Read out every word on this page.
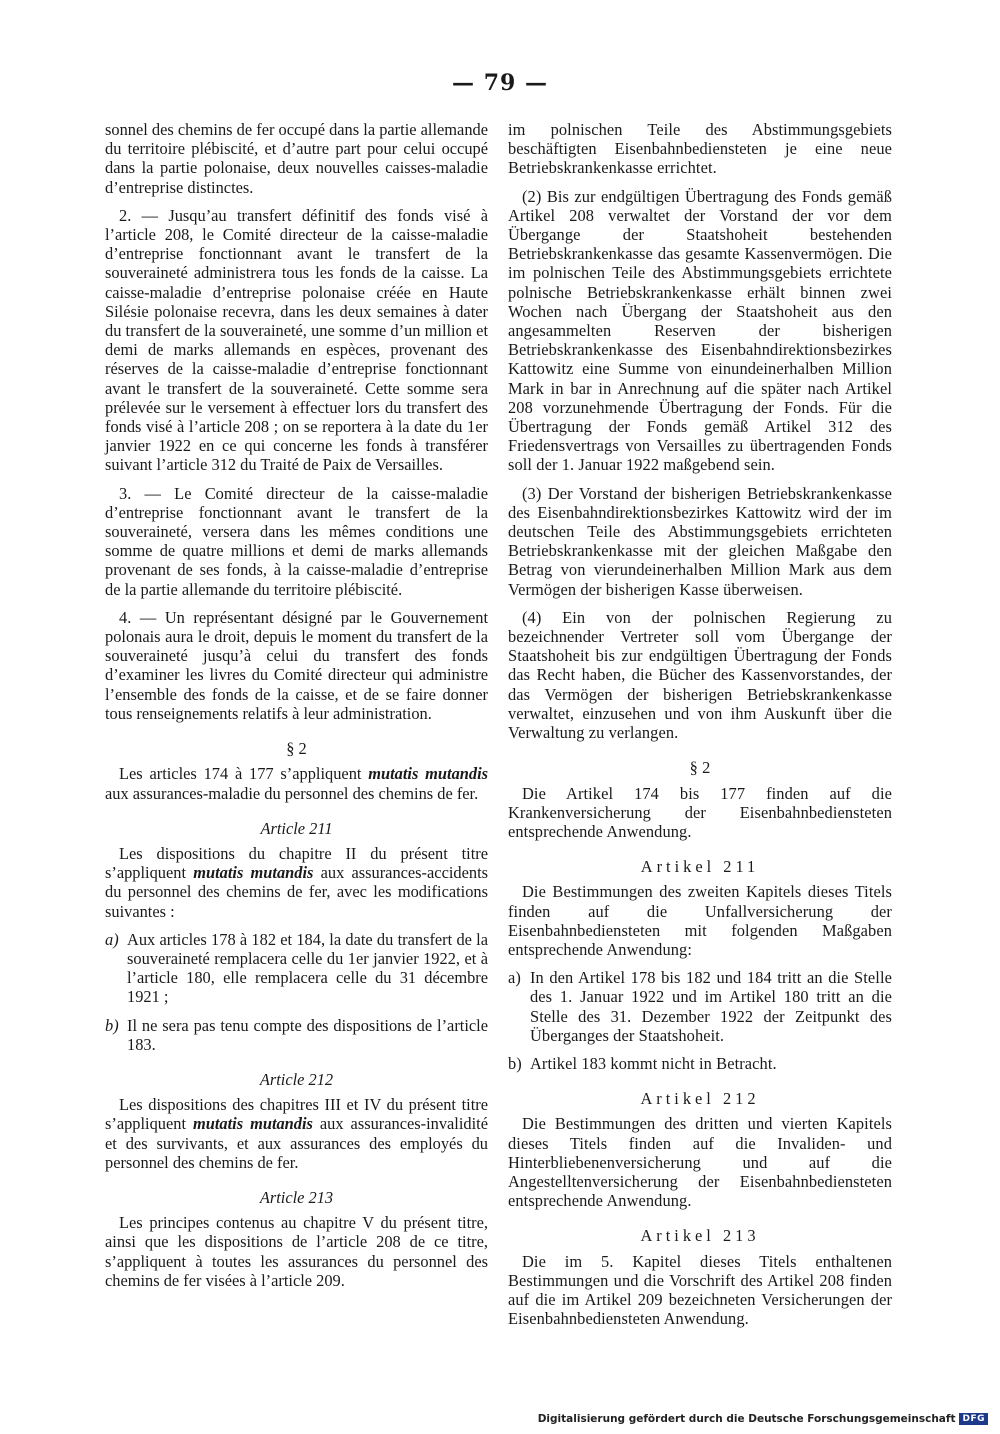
— 79 —

sonnel des chemins de fer occupé dans la partie allemande du territoire plébiscité, et d’autre part pour celui occupé dans la partie polonaise, deux nouvelles caisses-maladie d’entreprise distinctes.

2. — Jusqu’au transfert définitif des fonds visé à l’article 208, le Comité directeur de la caisse-maladie d’entreprise fonctionnant avant le transfert de la souveraineté administrera tous les fonds de la caisse. La caisse-maladie d’entreprise polonaise créée en Haute Silésie polonaise recevra, dans les deux semaines à dater du transfert de la souveraineté, une somme d’un million et demi de marks allemands en espèces, provenant des réserves de la caisse-maladie d’entreprise fonctionnant avant le transfert de la souveraineté. Cette somme sera prélevée sur le versement à effectuer lors du transfert des fonds visé à l’article 208 ; on se reportera à la date du 1er janvier 1922 en ce qui concerne les fonds à transférer suivant l’article 312 du Traité de Paix de Versailles.

3. — Le Comité directeur de la caisse-maladie d’entreprise fonctionnant avant le transfert de la souveraineté, versera dans les mêmes conditions une somme de quatre millions et demi de marks allemands provenant de ses fonds, à la caisse-maladie d’entreprise de la partie allemande du territoire plébiscité.

4. — Un représentant désigné par le Gouvernement polonais aura le droit, depuis le moment du transfert de la souveraineté jusqu’à celui du transfert des fonds d’examiner les livres du Comité directeur qui administre l’ensemble des fonds de la caisse, et de se faire donner tous renseignements relatifs à leur administration.

§ 2

Les articles 174 à 177 s’appliquent mutatis mutandis aux assurances-maladie du personnel des chemins de fer.

Article 211

Les dispositions du chapitre II du présent titre s’appliquent mutatis mutandis aux assurances-accidents du personnel des chemins de fer, avec les modifications suivantes :

a) Aux articles 178 à 182 et 184, la date du transfert de la souveraineté remplacera celle du 1er janvier 1922, et à l’article 180, elle remplacera celle du 31 décembre 1921 ;
b) Il ne sera pas tenu compte des dispositions de l’article 183.
Article 212

Les dispositions des chapitres III et IV du présent titre s’appliquent mutatis mutandis aux assurances-invalidité et des survivants, et aux assurances des employés du personnel des chemins de fer.

Article 213

Les principes contenus au chapitre V du présent titre, ainsi que les dispositions de l’article 208 de ce titre, s’appliquent à toutes les assurances du personnel des chemins de fer visées à l’article 209.

im polnischen Teile des Abstimmungsgebiets beschäftigten Eisenbahnbediensteten je eine neue Betriebskrankenkasse errichtet.

(2) Bis zur endgültigen Übertragung des Fonds gemäß Artikel 208 verwaltet der Vorstand der vor dem Übergange der Staatshoheit bestehenden Betriebskrankenkasse das gesamte Kassenvermögen. Die im polnischen Teile des Abstimmungsgebiets errichtete polnische Betriebskrankenkasse erhält binnen zwei Wochen nach Übergang der Staatshoheit aus den angesammelten Reserven der bisherigen Betriebskrankenkasse des Eisenbahndirektionsbezirkes Kattowitz eine Summe von einundeinerhalben Million Mark in bar in Anrechnung auf die später nach Artikel 208 vorzunehmende Übertragung der Fonds. Für die Übertragung der Fonds gemäß Artikel 312 des Friedensvertrags von Versailles zu übertragenden Fonds soll der 1. Januar 1922 maßgebend sein.

(3) Der Vorstand der bisherigen Betriebskrankenkasse des Eisenbahndirektionsbezirkes Kattowitz wird der im deutschen Teile des Abstimmungsgebiets errichteten Betriebskrankenkasse mit der gleichen Maßgabe den Betrag von vierundeinerhalben Million Mark aus dem Vermögen der bisherigen Kasse überweisen.

(4) Ein von der polnischen Regierung zu bezeichnender Vertreter soll vom Übergange der Staatshoheit bis zur endgültigen Übertragung der Fonds das Recht haben, die Bücher des Kassenvorstandes, der das Vermögen der bisherigen Betriebskrankenkasse verwaltet, einzusehen und von ihm Auskunft über die Verwaltung zu verlangen.

§ 2

Die Artikel 174 bis 177 finden auf die Krankenversicherung der Eisenbahnbediensteten entsprechende Anwendung.

Artikel 211

Die Bestimmungen des zweiten Kapitels dieses Titels finden auf die Unfallversicherung der Eisenbahnbediensteten mit folgenden Maßgaben entsprechende Anwendung:

a) In den Artikel 178 bis 182 und 184 tritt an die Stelle des 1. Januar 1922 und im Artikel 180 tritt an die Stelle des 31. Dezember 1922 der Zeitpunkt des Überganges der Staatshoheit.
b) Artikel 183 kommt nicht in Betracht.
Artikel 212

Die Bestimmungen des dritten und vierten Kapitels dieses Titels finden auf die Invaliden- und Hinterbliebenenversicherung und auf die Angestelltenversicherung der Eisenbahnbediensteten entsprechende Anwendung.

Artikel 213

Die im 5. Kapitel dieses Titels enthaltenen Bestimmungen und die Vorschrift des Artikel 208 finden auf die im Artikel 209 bezeichneten Versicherungen der Eisenbahnbediensteten Anwendung.

Digitalisierung gefördert durch die Deutsche Forschungsgemeinschaft DFG
